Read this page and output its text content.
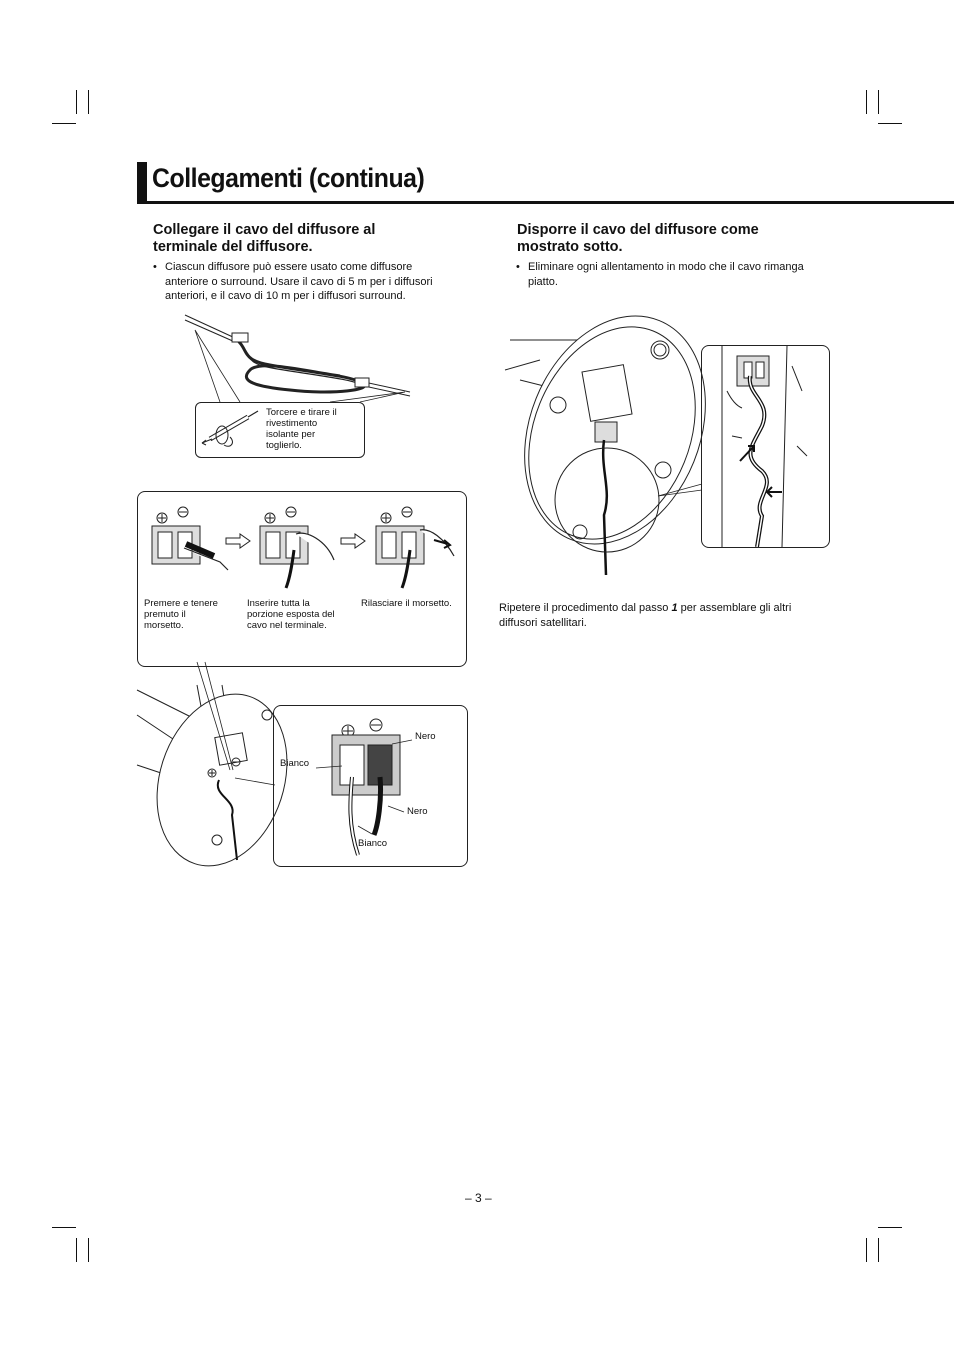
Collegamenti (continua)
Collegare il cavo del diffusore al
terminale del diffusore.
• Ciascun diffusore può essere usato come diffusore
anteriore o surround. Usare il cavo di 5 m per i diffusori
anteriori, e il cavo di 10 m per i diffusori surround.
Torcere e tirare il
rivestimento
isolante per
toglierlo.
Premere e tenere
premuto il
morsetto.
Inserire tutta la
porzione esposta del
cavo nel terminale.
Rilasciare il morsetto.
Nero
Bianco
Nero
Bianco
Disporre il cavo del diffusore come
mostrato sotto.
• Eliminare ogni allentamento in modo che il cavo rimanga
piatto.
Ripetere il procedimento dal passo 1 per assemblare gli altri
diffusori satellitari.
– 3 –
